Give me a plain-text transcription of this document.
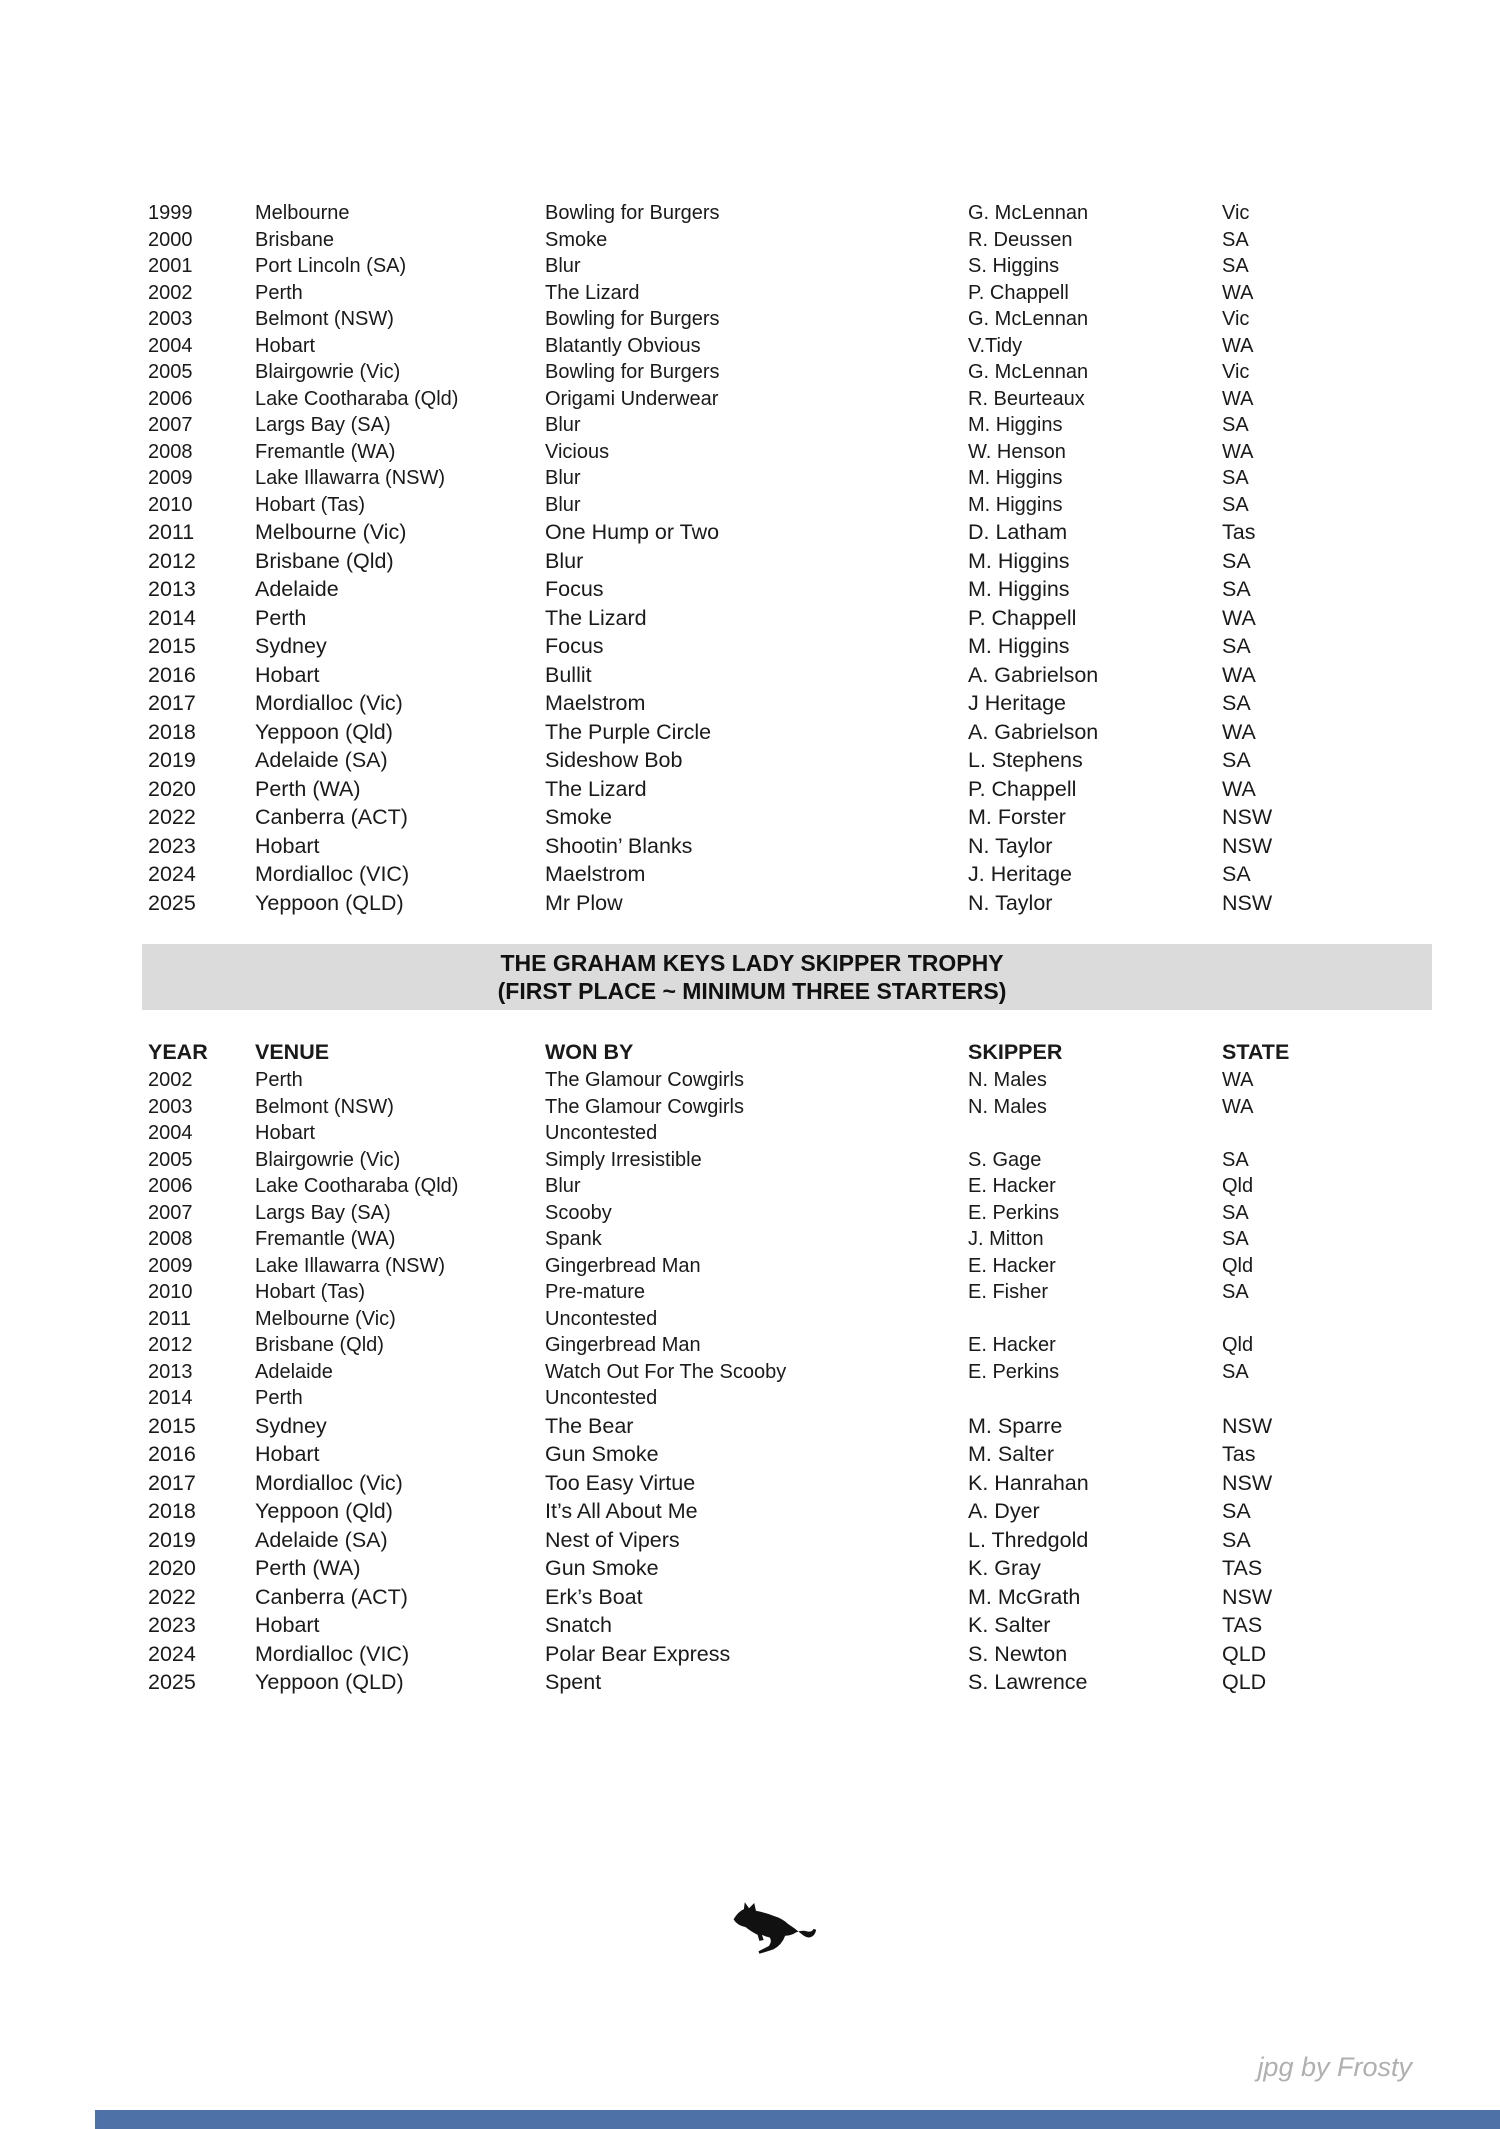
1999	Melbourne	Bowling for Burgers	G. McLennan	Vic
2000	Brisbane	Smoke	R. Deussen	SA
2001	Port Lincoln (SA)	Blur	S. Higgins	SA
2002	Perth	The Lizard	P. Chappell	WA
2003	Belmont (NSW)	Bowling for Burgers	G. McLennan	Vic
2004	Hobart	Blatantly Obvious	V.Tidy	WA
2005	Blairgowrie (Vic)	Bowling for Burgers	G. McLennan	Vic
2006	Lake Cootharaba (Qld)	Origami Underwear	R. Beurteaux	WA
2007	Largs Bay (SA)	Blur	M. Higgins	SA
2008	Fremantle (WA)	Vicious	W. Henson	WA
2009	Lake Illawarra (NSW)	Blur	M. Higgins	SA
2010	Hobart (Tas)	Blur	M. Higgins	SA
2011	Melbourne (Vic)	One Hump or Two	D. Latham	Tas
2012	Brisbane (Qld)	Blur	M. Higgins	SA
2013	Adelaide	Focus	M. Higgins	SA
2014	Perth	The Lizard	P. Chappell	WA
2015	Sydney	Focus	M. Higgins	SA
2016	Hobart	Bullit	A. Gabrielson	WA
2017	Mordialloc (Vic)	Maelstrom	J Heritage	SA
2018	Yeppoon (Qld)	The Purple Circle	A. Gabrielson	WA
2019	Adelaide (SA)	Sideshow Bob	L. Stephens	SA
2020	Perth (WA)	The Lizard	P. Chappell	WA
2022	Canberra (ACT)	Smoke	M. Forster	NSW
2023	Hobart	Shootin’ Blanks	N. Taylor	NSW
2024	Mordialloc (VIC)	Maelstrom	J. Heritage	SA
2025	Yeppoon (QLD)	Mr Plow	N. Taylor	NSW
THE GRAHAM KEYS LADY SKIPPER TROPHY
(FIRST PLACE ~ MINIMUM THREE STARTERS)
YEAR	VENUE	WON BY	SKIPPER	STATE
2002	Perth	The Glamour Cowgirls	N. Males	WA
2003	Belmont (NSW)	The Glamour Cowgirls	N. Males	WA
2004	Hobart	Uncontested
2005	Blairgowrie (Vic)	Simply Irresistible	S. Gage	SA
2006	Lake Cootharaba (Qld)	Blur	E. Hacker	Qld
2007	Largs Bay (SA)	Scooby	E. Perkins	SA
2008	Fremantle (WA)	Spank	J. Mitton	SA
2009	Lake Illawarra (NSW)	Gingerbread Man	E. Hacker	Qld
2010	Hobart (Tas)	Pre-mature	E. Fisher	SA
2011	Melbourne (Vic)	Uncontested
2012	Brisbane (Qld)	Gingerbread Man	E. Hacker	Qld
2013	Adelaide	Watch Out For The Scooby	E. Perkins	SA
2014	Perth	Uncontested
2015	Sydney	The Bear	M. Sparre	NSW
2016	Hobart	Gun Smoke	M. Salter	Tas
2017	Mordialloc (Vic)	Too Easy Virtue	K. Hanrahan	NSW
2018	Yeppoon (Qld)	It’s All About Me	A. Dyer	SA
2019	Adelaide (SA)	Nest of Vipers	L. Thredgold	SA
2020	Perth (WA)	Gun Smoke	K. Gray	TAS
2022	Canberra (ACT)	Erk’s Boat	M. McGrath	NSW
2023	Hobart	Snatch	K. Salter	TAS
2024	Mordialloc (VIC)	Polar Bear Express	S. Newton	QLD
2025	Yeppoon (QLD)	Spent	S. Lawrence	QLD
jpg by Frosty
